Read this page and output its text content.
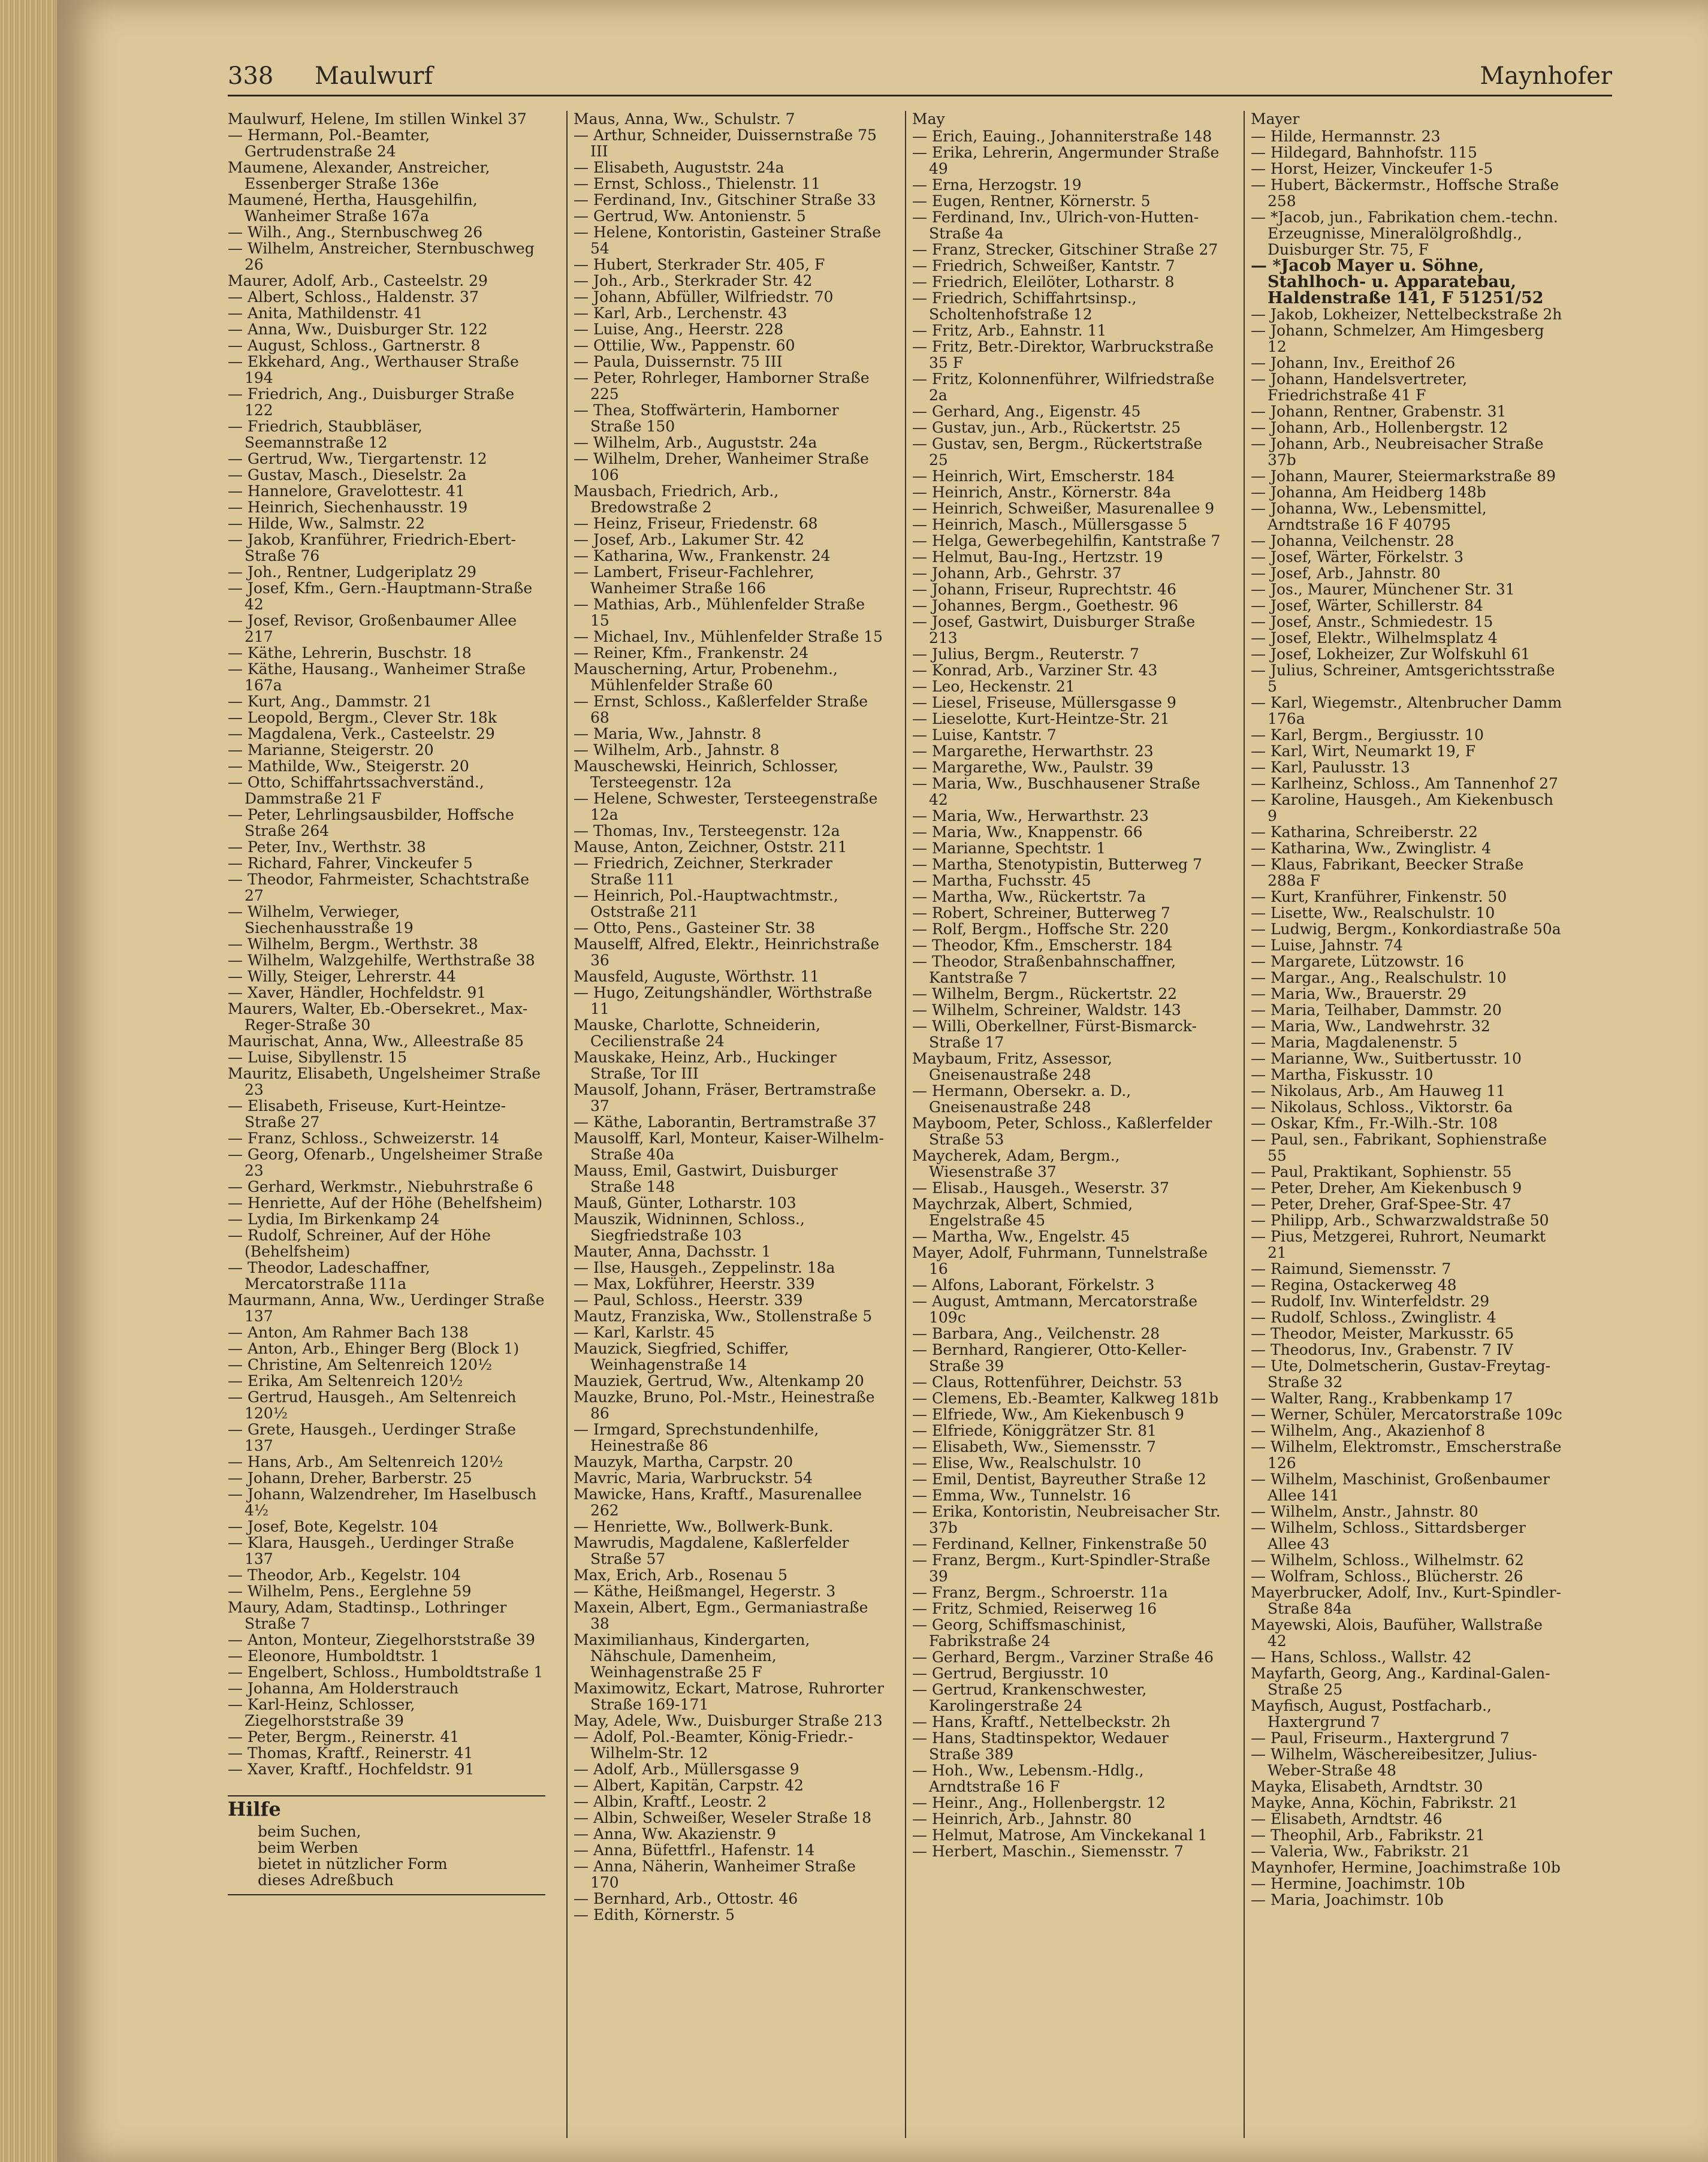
338 Maulwurf	Maynhofer
Maulwurf, Helene, Im stillen Winkel 37
— Hermann, Pol.-Beamter, Gertrudenstraße 24
Maumene, Alexander, Anstreicher, Essenberger Straße 136e
Maumené, Hertha, Hausgehilfin, Wanheimer Straße 167a
— Wilh., Ang., Sternbuschweg 26
— Wilhelm, Anstreicher, Sternbuschweg 26
Maurer, Adolf, Arb., Casteelstr. 29
— Albert, Schloss., Haldenstr. 37
— Anita, Mathildenstr. 41
— Anna, Ww., Duisburger Str. 122
— August, Schloss., Gartnerstr. 8
— Ekkehard, Ang., Werthauser Straße 194
— Friedrich, Ang., Duisburger Straße 122
— Friedrich, Staubbläser, Seemannstraße 12
— Gertrud, Ww., Tiergartenstr. 12
— Gustav, Masch., Dieselstr. 2a
— Hannelore, Gravelottestr. 41
— Heinrich, Siechenhausstr. 19
— Hilde, Ww., Salmstr. 22
— Jakob, Kranführer, Friedrich-Ebert-Straße 76
— Joh., Rentner, Ludgeriplatz 29
— Josef, Kfm., Gern.-Hauptmann-Straße 42
— Josef, Revisor, Großenbaumer Allee 217
— Käthe, Lehrerin, Buschstr. 18
— Käthe, Hausang., Wanheimer Straße 167a
— Kurt, Ang., Dammstr. 21
— Leopold, Bergm., Clever Str. 18k
— Magdalena, Verk., Casteelstr. 29
— Marianne, Steigerstr. 20
— Mathilde, Ww., Steigerstr. 20
— Otto, Schiffahrtssachverständ., Dammstraße 21 F
— Peter, Lehrlingsausbilder, Hoffsche Straße 264
— Peter, Inv., Werthstr. 38
— Richard, Fahrer, Vinckeufer 5
— Theodor, Fahrmeister, Schachtstraße 27
— Wilhelm, Verwieger, Siechenhausstraße 19
— Wilhelm, Bergm., Werthstr. 38
— Wilhelm, Walzgehilfe, Werthstraße 38
— Willy, Steiger, Lehrerstr. 44
— Xaver, Händler, Hochfeldstr. 91
Maurers, Walter, Eb.-Obersekret., Max-Reger-Straße 30
Maurischat, Anna, Ww., Alleestraße 85
— Luise, Sibyllenstr. 15
Mauritz, Elisabeth, Ungelsheimer Straße 23
— Elisabeth, Friseuse, Kurt-Heintze-Straße 27
— Franz, Schloss., Schweizerstr. 14
— Georg, Ofenarb., Ungelsheimer Straße 23
— Gerhard, Werkmstr., Niebuhrstraße 6
— Henriette, Auf der Höhe (Behelfsheim)
— Lydia, Im Birkenkamp 24
— Rudolf, Schreiner, Auf der Höhe (Behelfsheim)
— Theodor, Ladeschaffner, Mercatorstraße 111a
Maurmann, Anna, Ww., Uerdinger Straße 137
— Anton, Am Rahmer Bach 138
— Anton, Arb., Ehinger Berg (Block 1)
— Christine, Am Seltenreich 120½
— Erika, Am Seltenreich 120½
— Gertrud, Hausgeh., Am Seltenreich 120½
— Grete, Hausgeh., Uerdinger Straße 137
— Hans, Arb., Am Seltenreich 120½
— Johann, Dreher, Barberstr. 25
— Johann, Walzendreher, Im Haselbusch 4½
— Josef, Bote, Kegelstr. 104
— Klara, Hausgeh., Uerdinger Straße 137
— Theodor, Arb., Kegelstr. 104
— Wilhelm, Pens., Eerglehne 59
Maury, Adam, Stadtinsp., Lothringer Straße 7
— Anton, Monteur, Ziegelhorststraße 39
— Eleonore, Humboldtstr. 1
— Engelbert, Schloss., Humboldtstraße 1
— Johanna, Am Holderstrauch
— Karl-Heinz, Schlosser, Ziegelhorststraße 39
— Peter, Bergm., Reinerstr. 41
— Thomas, Kraftf., Reinerstr. 41
— Xaver, Kraftf., Hochfeldstr. 91
Hilfe
beim Suchen,
beim Werben
bietet in nützlicher Form
dieses Adreßbuch
Maus, Anna, Ww., Schulstr. 7
— Arthur, Schneider, Duissernstraße 75 III
— Elisabeth, Auguststr. 24a
— Ernst, Schloss., Thielenstr. 11
— Ferdinand, Inv., Gitschiner Straße 33
— Gertrud, Ww. Antonienstr. 5
— Helene, Kontoristin, Gasteiner Straße 54
— Hubert, Sterkrader Str. 405, F
— Joh., Arb., Sterkrader Str. 42
— Johann, Abfüller, Wilfriedstr. 70
— Karl, Arb., Lerchenstr. 43
— Luise, Ang., Heerstr. 228
— Ottilie, Ww., Pappenstr. 60
— Paula, Duissernstr. 75 III
— Peter, Rohrleger, Hamborner Straße 225
— Thea, Stoffwärterin, Hamborner Straße 150
— Wilhelm, Arb., Auguststr. 24a
— Wilhelm, Dreher, Wanheimer Straße 106
Mausbach, Friedrich, Arb., Bredowstraße 2
— Heinz, Friseur, Friedenstr. 68
— Josef, Arb., Lakumer Str. 42
— Katharina, Ww., Frankenstr. 24
— Lambert, Friseur-Fachlehrer, Wanheimer Straße 166
— Mathias, Arb., Mühlenfelder Straße 15
— Michael, Inv., Mühlenfelder Straße 15
— Reiner, Kfm., Frankenstr. 24
Mauscherning, Artur, Probenehm., Mühlenfelder Straße 60
— Ernst, Schloss., Kaßlerfelder Straße 68
— Maria, Ww., Jahnstr. 8
— Wilhelm, Arb., Jahnstr. 8
Mauschewski, Heinrich, Schlosser, Tersteegenstr. 12a
— Helene, Schwester, Tersteegenstraße 12a
— Thomas, Inv., Tersteegenstr. 12a
Mause, Anton, Zeichner, Oststr. 211
— Friedrich, Zeichner, Sterkrader Straße 111
— Heinrich, Pol.-Hauptwachtmstr., Oststraße 211
— Otto, Pens., Gasteiner Str. 38
Mauselff, Alfred, Elektr., Heinrichstraße 36
Mausfeld, Auguste, Wörthstr. 11
— Hugo, Zeitungshändler, Wörthstraße 11
Mauske, Charlotte, Schneiderin, Cecilienstraße 24
Mauskake, Heinz, Arb., Huckinger Straße, Tor III
Mausolf, Johann, Fräser, Bertramstraße 37
— Käthe, Laborantin, Bertramstraße 37
Mausolff, Karl, Monteur, Kaiser-Wilhelm-Straße 40a
Mauss, Emil, Gastwirt, Duisburger Straße 148
Mauß, Günter, Lotharstr. 103
Mauszik, Widninnen, Schloss., Siegfriedstraße 103
Mauter, Anna, Dachsstr. 1
— Ilse, Hausgeh., Zeppelinstr. 18a
— Max, Lokführer, Heerstr. 339
— Paul, Schloss., Heerstr. 339
Mautz, Franziska, Ww., Stollenstraße 5
— Karl, Karlstr. 45
Mauzick, Siegfried, Schiffer, Weinhagenstraße 14
Mauziek, Gertrud, Ww., Altenkamp 20
Mauzke, Bruno, Pol.-Mstr., Heinestraße 86
— Irmgard, Sprechstundenhilfe, Heinestraße 86
Mauzyk, Martha, Carpstr. 20
Mavric, Maria, Warbruckstr. 54
Mawicke, Hans, Kraftf., Masurenallee 262
— Henriette, Ww., Bollwerk-Bunk.
Mawrudis, Magdalene, Kaßlerfelder Straße 57
Max, Erich, Arb., Rosenau 5
— Käthe, Heißmangel, Hegerstr. 3
Maxein, Albert, Egm., Germaniastraße 38
Maximilianhaus, Kindergarten, Nähschule, Damenheim, Weinhagenstraße 25 F
Maximowitz, Eckart, Matrose, Ruhrorter Straße 169-171
May, Adele, Ww., Duisburger Straße 213
— Adolf, Pol.-Beamter, König-Friedr.-Wilhelm-Str. 12
— Adolf, Arb., Müllersgasse 9
— Albert, Kapitän, Carpstr. 42
— Albin, Kraftf., Leostr. 2
— Albin, Schweißer, Weseler Straße 18
— Anna, Ww. Akazienstr. 9
— Anna, Büfettfrl., Hafenstr. 14
— Anna, Näherin, Wanheimer Straße 170
— Bernhard, Arb., Ottostr. 46
— Edith, Körnerstr. 5
May
— Erich, Eauing., Johanniterstraße 148
— Erika, Lehrerin, Angermunder Straße 49
— Erna, Herzogstr. 19
— Eugen, Rentner, Körnerstr. 5
— Ferdinand, Inv., Ulrich-von-Hutten-Straße 4a
— Franz, Strecker, Gitschiner Straße 27
— Friedrich, Schweißer, Kantstr. 7
— Friedrich, Eleilöter, Lotharstr. 8
— Friedrich, Schiffahrtsinsp., Scholtenhofstraße 12
— Fritz, Arb., Eahnstr. 11
— Fritz, Betr.-Direktor, Warbruckstraße 35 F
— Fritz, Kolonnenführer, Wilfriedstraße 2a
— Gerhard, Ang., Eigenstr. 45
— Gustav, jun., Arb., Rückertstr. 25
— Gustav, sen, Bergm., Rückertstraße 25
— Heinrich, Wirt, Emscherstr. 184
— Heinrich, Anstr., Körnerstr. 84a
— Heinrich, Schweißer, Masurenallee 9
— Heinrich, Masch., Müllersgasse 5
— Helga, Gewerbegehilfin, Kantstraße 7
— Helmut, Bau-Ing., Hertzstr. 19
— Johann, Arb., Gehrstr. 37
— Johann, Friseur, Ruprechtstr. 46
— Johannes, Bergm., Goethestr. 96
— Josef, Gastwirt, Duisburger Straße 213
— Julius, Bergm., Reuterstr. 7
— Konrad, Arb., Varziner Str. 43
— Leo, Heckenstr. 21
— Liesel, Friseuse, Müllersgasse 9
— Lieselotte, Kurt-Heintze-Str. 21
— Luise, Kantstr. 7
— Margarethe, Herwarthstr. 23
— Margarethe, Ww., Paulstr. 39
— Maria, Ww., Buschhausener Straße 42
— Maria, Ww., Herwarthstr. 23
— Maria, Ww., Knappenstr. 66
— Marianne, Spechtstr. 1
— Martha, Stenotypistin, Butterweg 7
— Martha, Fuchsstr. 45
— Martha, Ww., Rückertstr. 7a
— Robert, Schreiner, Butterweg 7
— Rolf, Bergm., Hoffsche Str. 220
— Theodor, Kfm., Emscherstr. 184
— Theodor, Straßenbahnschaffner, Kantstraße 7
— Wilhelm, Bergm., Rückertstr. 22
— Wilhelm, Schreiner, Waldstr. 143
— Willi, Oberkellner, Fürst-Bismarck-Straße 17
Maybaum, Fritz, Assessor, Gneisenaustraße 248
— Hermann, Obersekr. a. D., Gneisenaustraße 248
Mayboom, Peter, Schloss., Kaßlerfelder Straße 53
Maycherek, Adam, Bergm., Wiesenstraße 37
— Elisab., Hausgeh., Weserstr. 37
Maychrzak, Albert, Schmied, Engelstraße 45
— Martha, Ww., Engelstr. 45
Mayer, Adolf, Fuhrmann, Tunnelstraße 16
— Alfons, Laborant, Förkelstr. 3
— August, Amtmann, Mercatorstraße 109c
— Barbara, Ang., Veilchenstr. 28
— Bernhard, Rangierer, Otto-Keller-Straße 39
— Claus, Rottenführer, Deichstr. 53
— Clemens, Eb.-Beamter, Kalkweg 181b
— Elfriede, Ww., Am Kiekenbusch 9
— Elfriede, Königgrätzer Str. 81
— Elisabeth, Ww., Siemensstr. 7
— Elise, Ww., Realschulstr. 10
— Emil, Dentist, Bayreuther Straße 12
— Emma, Ww., Tunnelstr. 16
— Erika, Kontoristin, Neubreisacher Str. 37b
— Ferdinand, Kellner, Finkenstraße 50
— Franz, Bergm., Kurt-Spindler-Straße 39
— Franz, Bergm., Schroerstr. 11a
— Fritz, Schmied, Reiserweg 16
— Georg, Schiffsmaschinist, Fabrikstraße 24
— Gerhard, Bergm., Varziner Straße 46
— Gertrud, Bergiusstr. 10
— Gertrud, Krankenschwester, Karolingerstraße 24
— Hans, Kraftf., Nettelbeckstr. 2h
— Hans, Stadtinspektor, Wedauer Straße 389
— Hoh., Ww., Lebensm.-Hdlg., Arndtstraße 16 F
— Heinr., Ang., Hollenbergstr. 12
— Heinrich, Arb., Jahnstr. 80
— Helmut, Matrose, Am Vinckekanal 1
— Herbert, Maschin., Siemensstr. 7
Mayer
— Hilde, Hermannstr. 23
— Hildegard, Bahnhofstr. 115
— Horst, Heizer, Vinckeufer 1-5
— Hubert, Bäckermstr., Hoffsche Straße 258
— *Jacob, jun., Fabrikation chem.-techn. Erzeugnisse, Mineralölgroßhdlg., Duisburger Str. 75, F
— *Jacob Mayer u. Söhne, Stahlhoch- u. Apparatebau, Haldenstraße 141, F 51251/52
— Jakob, Lokheizer, Nettelbeckstraße 2h
— Johann, Schmelzer, Am Himgesberg 12
— Johann, Inv., Ereithof 26
— Johann, Handelsvertreter, Friedrichstraße 41 F
— Johann, Rentner, Grabenstr. 31
— Johann, Arb., Hollenbergstr. 12
— Johann, Arb., Neubreisacher Straße 37b
— Johann, Maurer, Steiermarkstraße 89
— Johanna, Am Heidberg 148b
— Johanna, Ww., Lebensmittel, Arndtstraße 16 F 40795
— Johanna, Veilchenstr. 28
— Josef, Wärter, Förkelstr. 3
— Josef, Arb., Jahnstr. 80
— Jos., Maurer, Münchener Str. 31
— Josef, Wärter, Schillerstr. 84
— Josef, Anstr., Schmiedestr. 15
— Josef, Elektr., Wilhelmsplatz 4
— Josef, Lokheizer, Zur Wolfskuhl 61
— Julius, Schreiner, Amtsgerichtsstraße 5
— Karl, Wiegemstr., Altenbrucher Damm 176a
— Karl, Bergm., Bergiusstr. 10
— Karl, Wirt, Neumarkt 19, F
— Karl, Paulusstr. 13
— Karlheinz, Schloss., Am Tannenhof 27
— Karoline, Hausgeh., Am Kiekenbusch 9
— Katharina, Schreiberstr. 22
— Katharina, Ww., Zwinglistr. 4
— Klaus, Fabrikant, Beecker Straße 288a F
— Kurt, Kranführer, Finkenstr. 50
— Lisette, Ww., Realschulstr. 10
— Ludwig, Bergm., Konkordiastraße 50a
— Luise, Jahnstr. 74
— Margarete, Lützowstr. 16
— Margar., Ang., Realschulstr. 10
— Maria, Ww., Brauerstr. 29
— Maria, Teilhaber, Dammstr. 20
— Maria, Ww., Landwehrstr. 32
— Maria, Magdalenenstr. 5
— Marianne, Ww., Suitbertusstr. 10
— Martha, Fiskusstr. 10
— Nikolaus, Arb., Am Hauweg 11
— Nikolaus, Schloss., Viktorstr. 6a
— Oskar, Kfm., Fr.-Wilh.-Str. 108
— Paul, sen., Fabrikant, Sophienstraße 55
— Paul, Praktikant, Sophienstr. 55
— Peter, Dreher, Am Kiekenbusch 9
— Peter, Dreher, Graf-Spee-Str. 47
— Philipp, Arb., Schwarzwaldstraße 50
— Pius, Metzgerei, Ruhrort, Neumarkt 21
— Raimund, Siemensstr. 7
— Regina, Ostackerweg 48
— Rudolf, Inv. Winterfeldstr. 29
— Rudolf, Schloss., Zwinglistr. 4
— Theodor, Meister, Markusstr. 65
— Theodorus, Inv., Grabenstr. 7 IV
— Ute, Dolmetscherin, Gustav-Freytag-Straße 32
— Walter, Rang., Krabbenkamp 17
— Werner, Schüler, Mercatorstraße 109c
— Wilhelm, Ang., Akazienhof 8
— Wilhelm, Elektromstr., Emscherstraße 126
— Wilhelm, Maschinist, Großenbaumer Allee 141
— Wilhelm, Anstr., Jahnstr. 80
— Wilhelm, Schloss., Sittardsberger Allee 43
— Wilhelm, Schloss., Wilhelmstr. 62
— Wolfram, Schloss., Blücherstr. 26
Mayerbrucker, Adolf, Inv., Kurt-Spindler-Straße 84a
Mayewski, Alois, Baufüher, Wallstraße 42
— Hans, Schloss., Wallstr. 42
Mayfarth, Georg, Ang., Kardinal-Galen-Straße 25
Mayfisch, August, Postfacharb., Haxtergrund 7
— Paul, Friseurm., Haxtergrund 7
— Wilhelm, Wäschereibesitzer, Julius-Weber-Straße 48
Mayka, Elisabeth, Arndtstr. 30
Mayke, Anna, Köchin, Fabrikstr. 21
— Elisabeth, Arndtstr. 46
— Theophil, Arb., Fabrikstr. 21
— Valeria, Ww., Fabrikstr. 21
Maynhofer, Hermine, Joachimstraße 10b
— Hermine, Joachimstr. 10b
— Maria, Joachimstr. 10b
